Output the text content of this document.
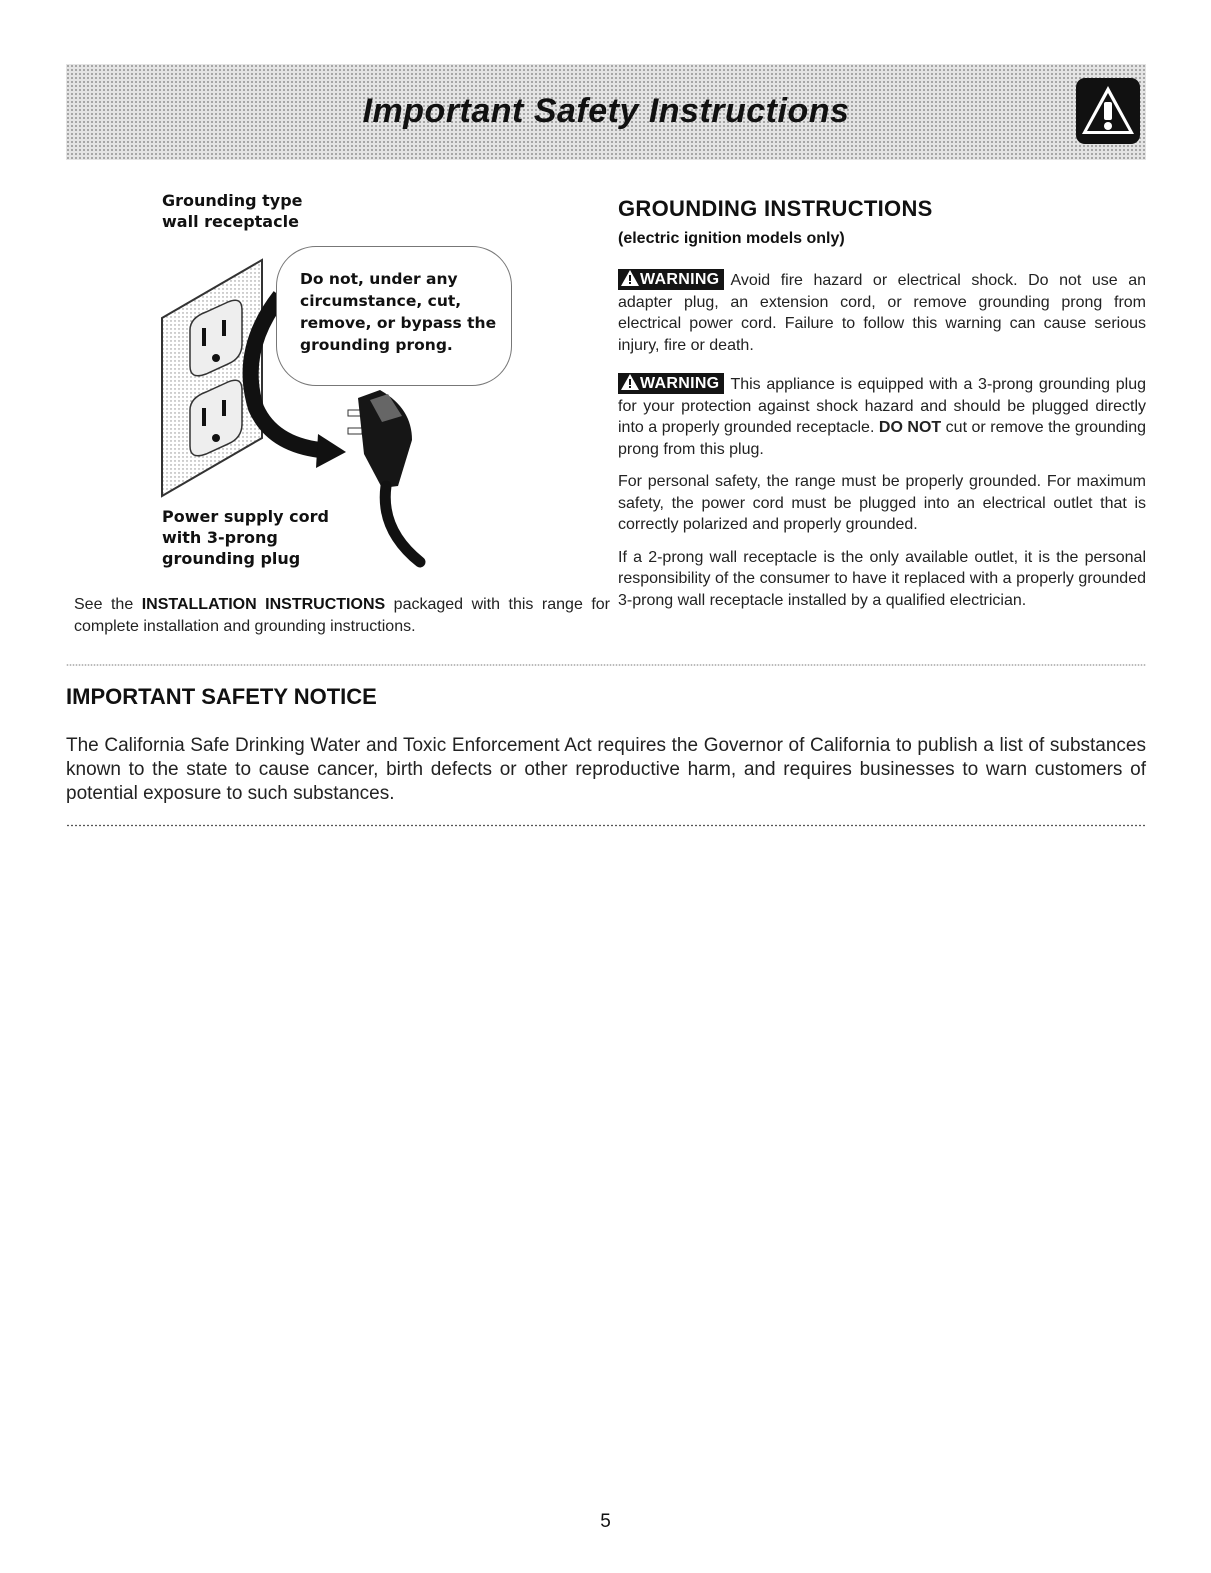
Important Safety Instructions
Grounding type
wall receptacle
Do not, under any circumstance, cut, remove, or bypass the grounding prong.
Power supply cord
with 3-prong
grounding plug

See the INSTALLATION INSTRUCTIONS packaged with this range for complete installation and grounding instructions.

GROUNDING INSTRUCTIONS
(electric ignition models only)

WARNING Avoid fire hazard or electrical shock. Do not use an adapter plug, an extension cord, or remove grounding prong from electrical power cord. Failure to follow this warning can cause serious injury, fire or death.

WARNING This appliance is equipped with a 3-prong grounding plug for your protection against shock hazard and should be plugged directly into a properly grounded receptacle. DO NOT cut or remove the grounding prong from this plug.

For personal safety, the range must be properly grounded. For maximum safety, the power cord must be plugged into an electrical outlet that is correctly polarized and properly grounded.

If a 2-prong wall receptacle is the only available outlet, it is the personal responsibility of the consumer to have it replaced with a properly grounded 3-prong wall receptacle installed by a qualified electrician.

IMPORTANT SAFETY NOTICE

The California Safe Drinking Water and Toxic Enforcement Act requires the Governor of California to publish a list of substances known to the state to cause cancer, birth defects or other reproductive harm, and requires businesses to warn customers of potential exposure to such substances.

5
